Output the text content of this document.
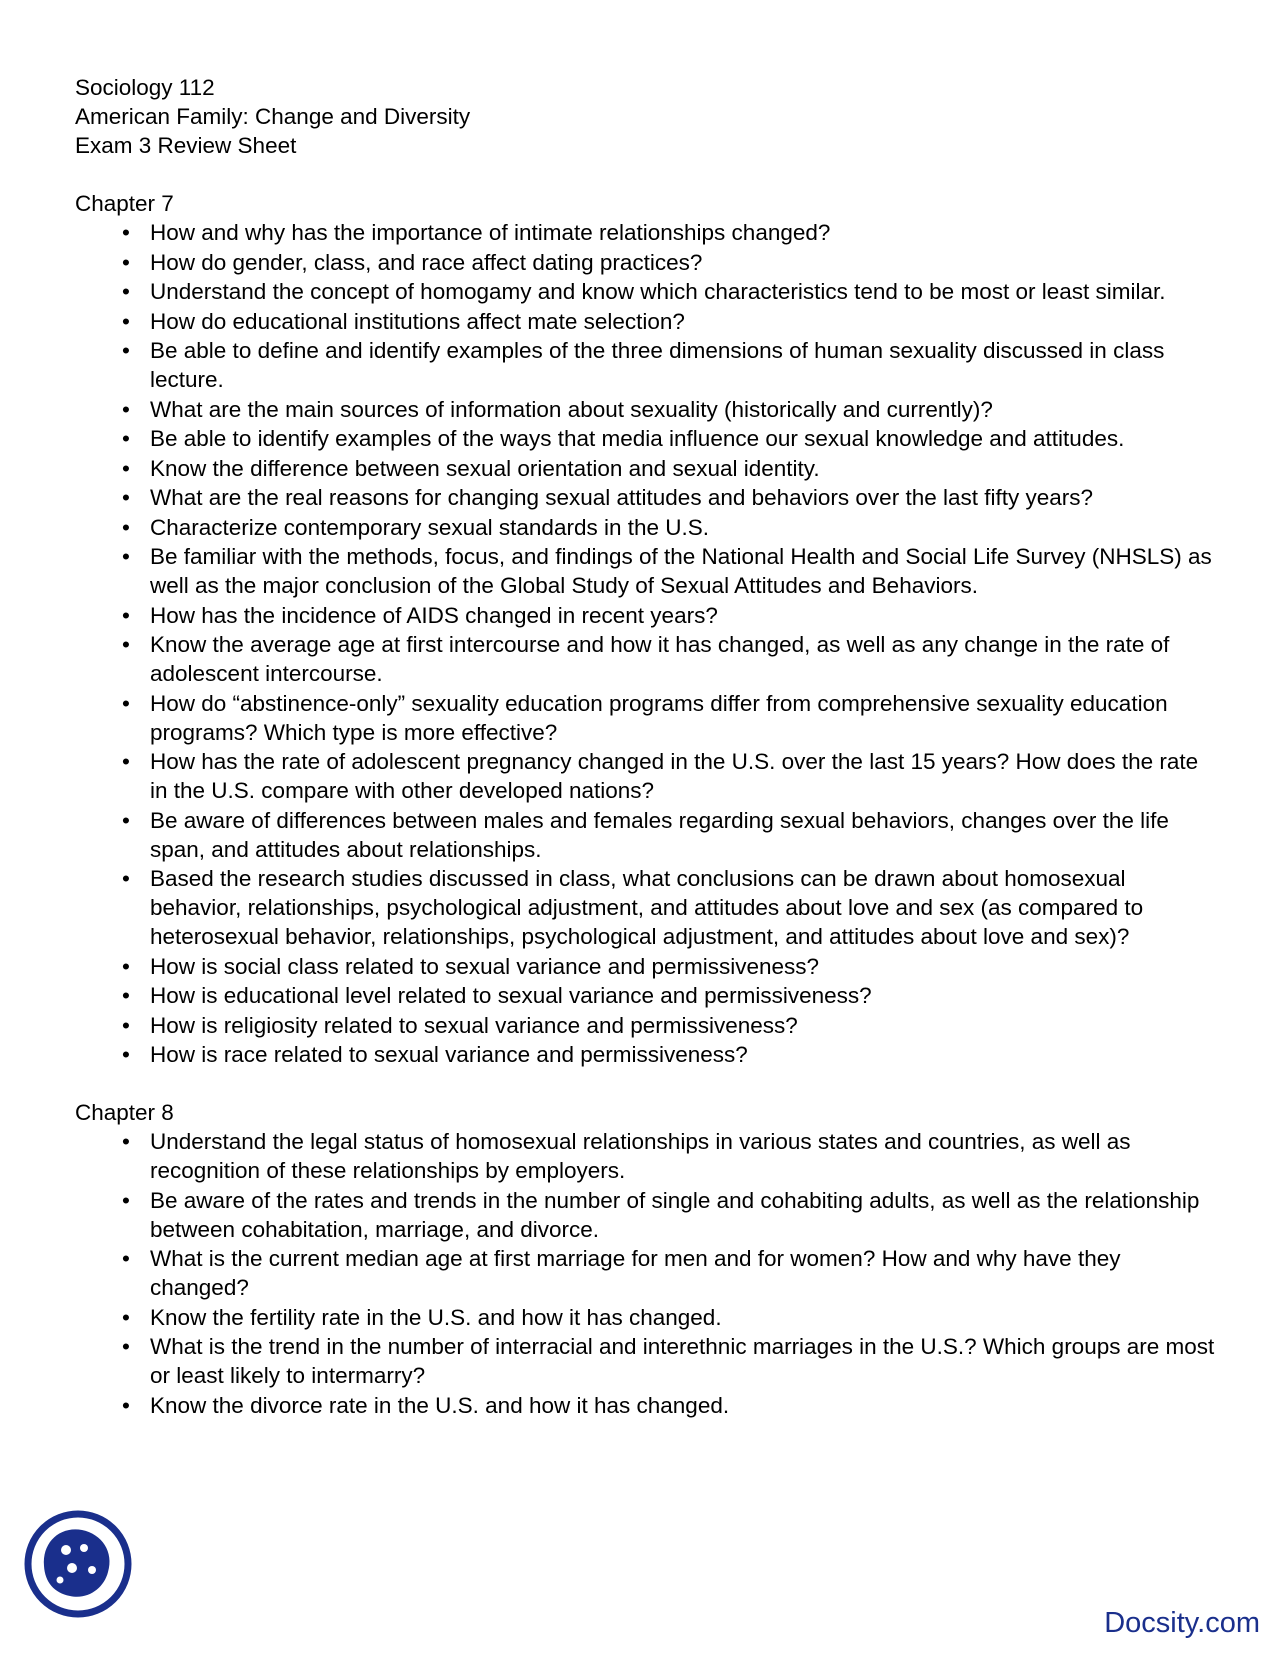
Sociology 112
American Family: Change and Diversity
Exam 3 Review Sheet
Chapter 7
• How and why has the importance of intimate relationships changed?
• How do gender, class, and race affect dating practices?
• Understand the concept of homogamy and know which characteristics tend to be most or least similar.
• How do educational institutions affect mate selection?
• Be able to define and identify examples of the three dimensions of human sexuality discussed in class lecture.
• What are the main sources of information about sexuality (historically and currently)?
• Be able to identify examples of the ways that media influence our sexual knowledge and attitudes.
• Know the difference between sexual orientation and sexual identity.
• What are the real reasons for changing sexual attitudes and behaviors over the last fifty years?
• Characterize contemporary sexual standards in the U.S.
• Be familiar with the methods, focus, and findings of the National Health and Social Life Survey (NHSLS) as well as the major conclusion of the Global Study of Sexual Attitudes and Behaviors.
• How has the incidence of AIDS changed in recent years?
• Know the average age at first intercourse and how it has changed, as well as any change in the rate of adolescent intercourse.
• How do “abstinence-only” sexuality education programs differ from comprehensive sexuality education programs? Which type is more effective?
• How has the rate of adolescent pregnancy changed in the U.S. over the last 15 years? How does the rate in the U.S. compare with other developed nations?
• Be aware of differences between males and females regarding sexual behaviors, changes over the life span, and attitudes about relationships.
• Based the research studies discussed in class, what conclusions can be drawn about homosexual behavior, relationships, psychological adjustment, and attitudes about love and sex (as compared to heterosexual behavior, relationships, psychological adjustment, and attitudes about love and sex)?
• How is social class related to sexual variance and permissiveness?
• How is educational level related to sexual variance and permissiveness?
• How is religiosity related to sexual variance and permissiveness?
• How is race related to sexual variance and permissiveness?
Chapter 8
• Understand the legal status of homosexual relationships in various states and countries, as well as recognition of these relationships by employers.
• Be aware of the rates and trends in the number of single and cohabiting adults, as well as the relationship between cohabitation, marriage, and divorce.
• What is the current median age at first marriage for men and for women? How and why have they changed?
• Know the fertility rate in the U.S. and how it has changed.
• What is the trend in the number of interracial and interethnic marriages in the U.S.? Which groups are most or least likely to intermarry?
• Know the divorce rate in the U.S. and how it has changed.
Docsity.com
